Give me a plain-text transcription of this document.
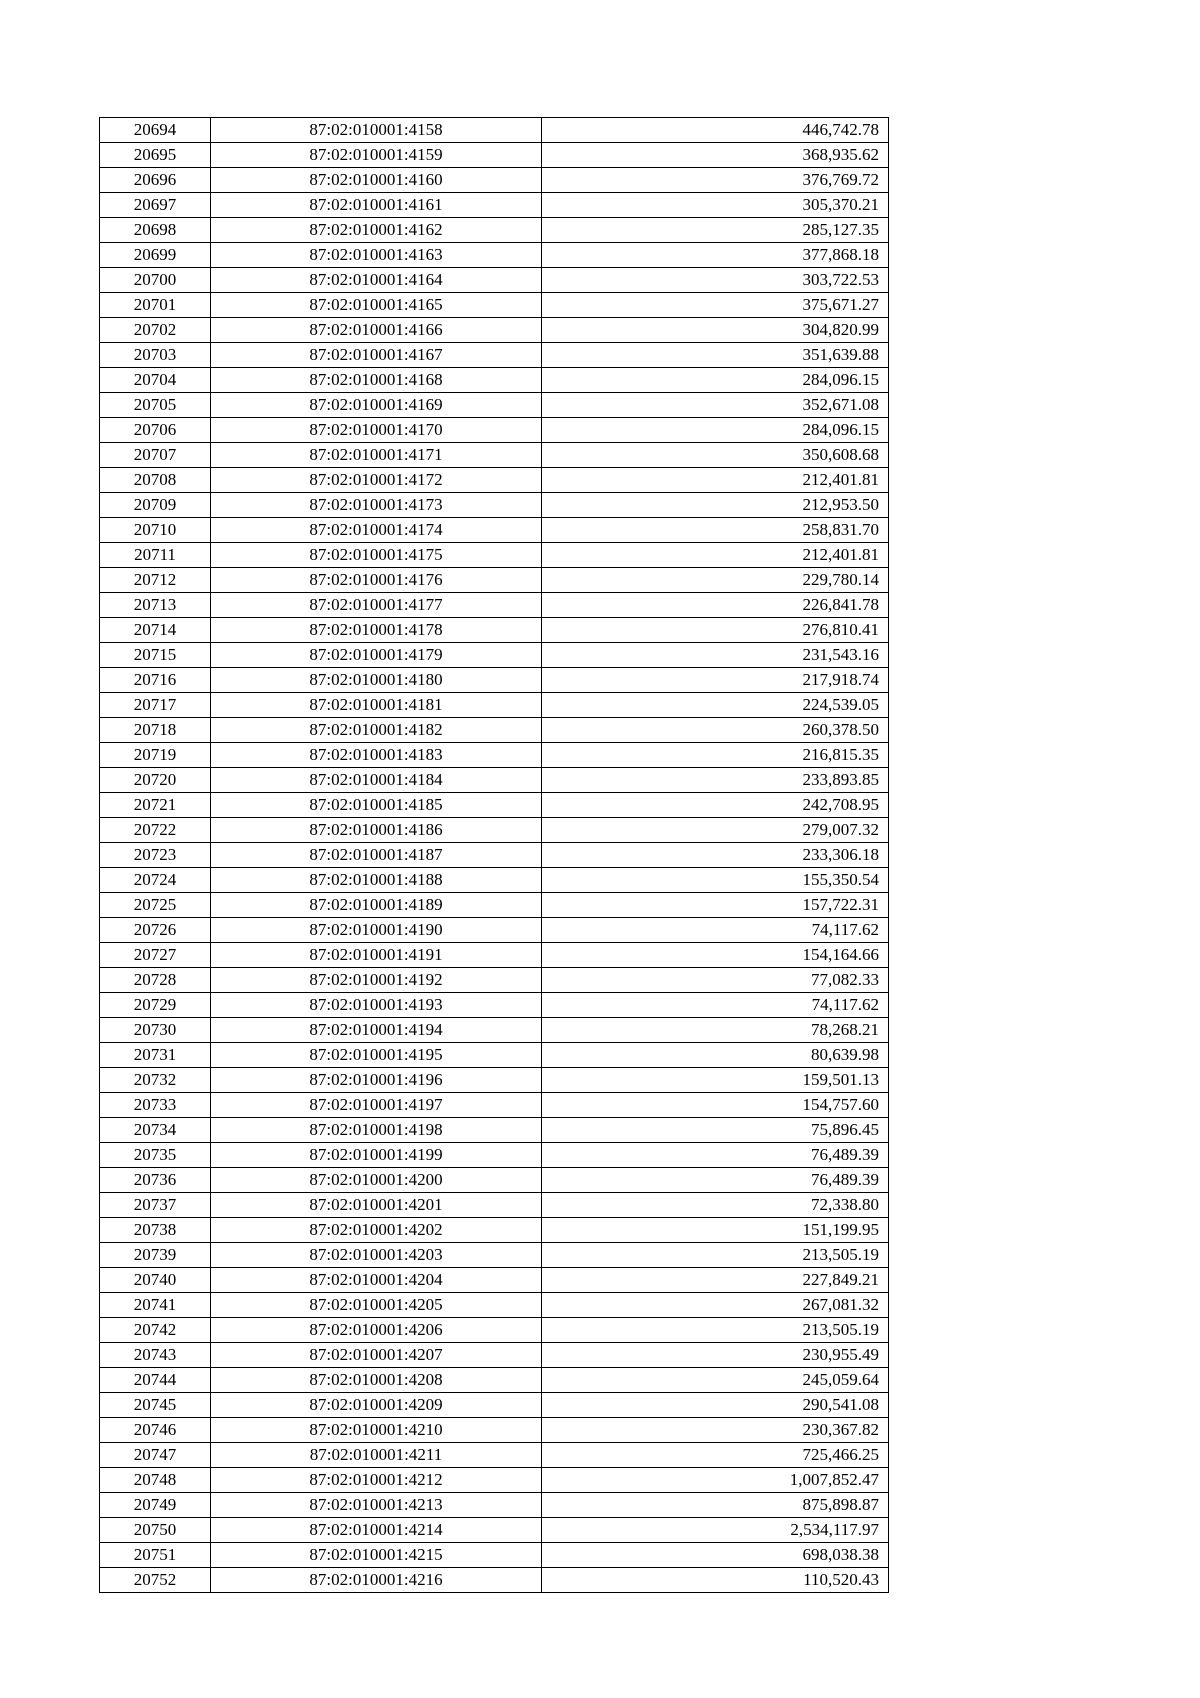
20694	87:02:010001:4158	446,742.78
20695	87:02:010001:4159	368,935.62
20696	87:02:010001:4160	376,769.72
20697	87:02:010001:4161	305,370.21
20698	87:02:010001:4162	285,127.35
20699	87:02:010001:4163	377,868.18
20700	87:02:010001:4164	303,722.53
20701	87:02:010001:4165	375,671.27
20702	87:02:010001:4166	304,820.99
20703	87:02:010001:4167	351,639.88
20704	87:02:010001:4168	284,096.15
20705	87:02:010001:4169	352,671.08
20706	87:02:010001:4170	284,096.15
20707	87:02:010001:4171	350,608.68
20708	87:02:010001:4172	212,401.81
20709	87:02:010001:4173	212,953.50
20710	87:02:010001:4174	258,831.70
20711	87:02:010001:4175	212,401.81
20712	87:02:010001:4176	229,780.14
20713	87:02:010001:4177	226,841.78
20714	87:02:010001:4178	276,810.41
20715	87:02:010001:4179	231,543.16
20716	87:02:010001:4180	217,918.74
20717	87:02:010001:4181	224,539.05
20718	87:02:010001:4182	260,378.50
20719	87:02:010001:4183	216,815.35
20720	87:02:010001:4184	233,893.85
20721	87:02:010001:4185	242,708.95
20722	87:02:010001:4186	279,007.32
20723	87:02:010001:4187	233,306.18
20724	87:02:010001:4188	155,350.54
20725	87:02:010001:4189	157,722.31
20726	87:02:010001:4190	74,117.62
20727	87:02:010001:4191	154,164.66
20728	87:02:010001:4192	77,082.33
20729	87:02:010001:4193	74,117.62
20730	87:02:010001:4194	78,268.21
20731	87:02:010001:4195	80,639.98
20732	87:02:010001:4196	159,501.13
20733	87:02:010001:4197	154,757.60
20734	87:02:010001:4198	75,896.45
20735	87:02:010001:4199	76,489.39
20736	87:02:010001:4200	76,489.39
20737	87:02:010001:4201	72,338.80
20738	87:02:010001:4202	151,199.95
20739	87:02:010001:4203	213,505.19
20740	87:02:010001:4204	227,849.21
20741	87:02:010001:4205	267,081.32
20742	87:02:010001:4206	213,505.19
20743	87:02:010001:4207	230,955.49
20744	87:02:010001:4208	245,059.64
20745	87:02:010001:4209	290,541.08
20746	87:02:010001:4210	230,367.82
20747	87:02:010001:4211	725,466.25
20748	87:02:010001:4212	1,007,852.47
20749	87:02:010001:4213	875,898.87
20750	87:02:010001:4214	2,534,117.97
20751	87:02:010001:4215	698,038.38
20752	87:02:010001:4216	110,520.43
